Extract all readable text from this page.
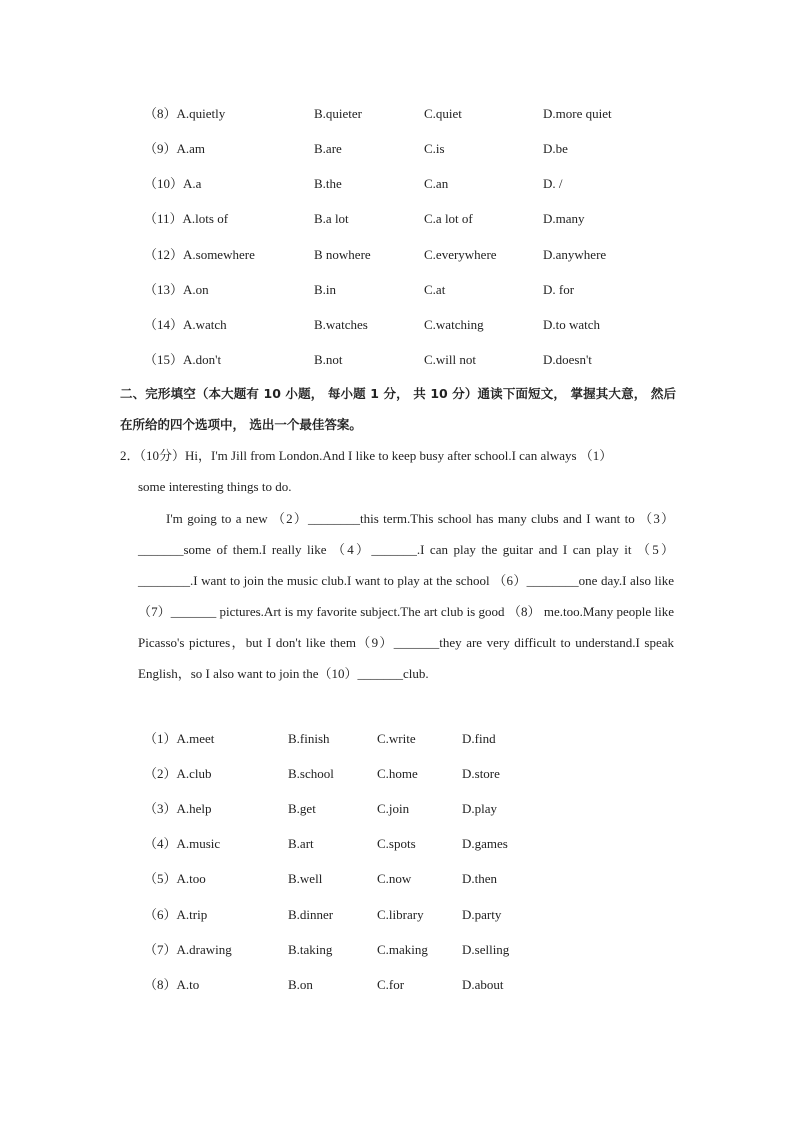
（8）A.quietly	B.quieter	C.quiet	D.more quiet
（9）A.am	B.are	C.is	D.be
（10）A.a	B.the	C.an	D. /
（11）A.lots of	B.a lot	C.a lot of	D.many
（12）A.somewhere	B nowhere	C.everywhere	D.anywhere
（13）A.on	B.in	C.at	D. for
（14）A.watch	B.watches	C.watching	D.to watch
（15）A.don't	B.not	C.will not	D.doesn't
二、完形填空（本大题有 10 小题， 每小题 1 分， 共 10 分）通读下面短文， 掌握其大意， 然后在所给的四个选项中， 选出一个最佳答案。
2．（10分）Hi，I'm Jill from London.And I like to keep busy after school.I can always （1）
some interesting things to do.

I'm going to a new （2）________this term.This school has many clubs and I want to （3）_______some of them.I really like （4）_______.I can play the guitar and I can play it （5）________.I want to join the music club.I want to play at the school （6）________one day.I also like （7）_______ pictures.Art is my favorite subject.The art club is good （8） me.too.Many people like Picasso's pictures，but I don't like them（9）_______they are very difficult to understand.I speak English，so I also want to join the（10）_______club.

（1）A.meet	B.finish	C.write	D.find
（2）A.club	B.school	C.home	D.store
（3）A.help	B.get	C.join	D.play
（4）A.music	B.art	C.spots	D.games
（5）A.too	B.well	C.now	D.then
（6）A.trip	B.dinner	C.library	D.party
（7）A.drawing	B.taking	C.making	D.selling
（8）A.to	B.on	C.for	D.about
